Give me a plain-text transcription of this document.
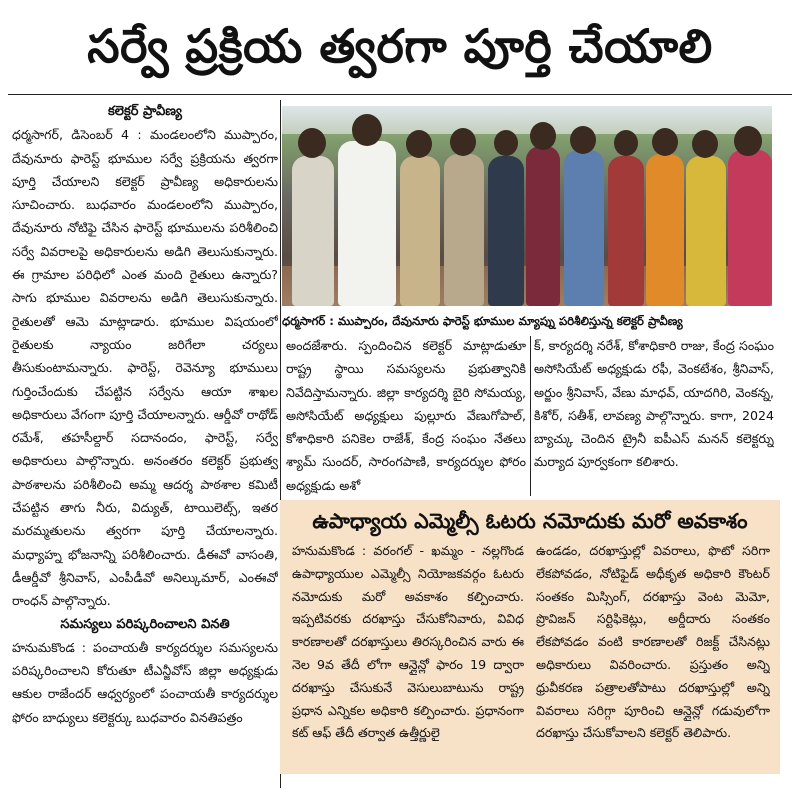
సర్వే ప్రక్రియ త్వరగా పూర్తి చేయాలి

కలెక్టర్ ప్రావీణ్య

ధర్మసాగర్, డిసెంబర్ 4 : మండలంలోని ముప్పారం, దేవునూరు ఫారెస్ట్ భూముల సర్వే ప్రక్రియను త్వరగా పూర్తి చేయాలని కలెక్టర్ ప్రావీణ్య అధికారులను సూచించారు. బుధవారం మండలంలోని ముప్పారం, దేవునూరు నోటిఫై చేసిన ఫారెస్ట్ భూములను పరిశీలించి సర్వే వివరాలపై అధికారులను అడిగి తెలుసుకున్నారు. ఈ గ్రామాల పరిధిలో ఎంత మంది రైతులు ఉన్నారు? సాగు భూముల వివరాలను అడిగి తెలుసుకున్నారు. రైతులతో ఆమె మాట్లాడారు. భూముల విషయంలో రైతులకు న్యాయం జరిగేలా చర్యలు తీసుకుంటామన్నారు. ఫారెస్ట్, రెవెన్యూ భూములు గుర్తించేందుకు చేపట్టిన సర్వేను ఆయా శాఖల అధికారులు వేగంగా పూర్తి చేయాలన్నారు. ఆర్డీవో రాథోడ్ రమేశ్, తహసీల్దార్ సదానందం, ఫారెస్ట్, సర్వే అధికారులు పాల్గొన్నారు. అనంతరం కలెక్టర్ ప్రభుత్వ పాఠశాలను పరిశీలించి అమ్మ ఆదర్శ పాఠశాల కమిటీ చేపట్టిన తాగు నీరు, విద్యుత్, టాయిలెట్స్, ఇతర మరమ్మతులను త్వరగా పూర్తి చేయాలన్నారు. మధ్యాహ్న భోజనాన్ని పరిశీలించారు. డీఈవో వాసంతి, డీఆర్డీవో శ్రీనివాస్, ఎంపీడీవో అనిల్కుమార్, ఎంఈవో రాంధన్ పాల్గొన్నారు.

సమస్యలు పరిష్కరించాలని వినతి

హనుమకొండ : పంచాయతీ కార్యదర్శుల సమస్యలను పరిష్కరించాలని కోరుతూ టీఎన్జీవోస్ జిల్లా అధ్యక్షుడు ఆకుల రాజేందర్ ఆధ్వర్యంలో పంచాయతీ కార్యదర్శుల ఫోరం బాధ్యులు కలెక్టర్కు బుధవారం వినతిపత్రం

ధర్మసాగర్ : ముప్పారం, దేవునూరు ఫారెస్ట్ భూముల మ్యాప్ను పరిశీలిస్తున్న కలెక్టర్ ప్రావీణ్య

అందజేశారు. స్పందించిన కలెక్టర్ మాట్లాడుతూ రాష్ట్ర స్థాయి సమస్యలను ప్రభుత్వానికి నివేదిస్తామన్నారు. జిల్లా కార్యదర్శి బైరి సోమయ్య, అసోసియేట్ అధ్యక్షులు పుల్లూరు వేణుగోపాల్, కోశాధికారి పనికెల రాజేశ్, కేంద్ర సంఘం నేతలు శ్యామ్ సుందర్, సారంగపాణి, కార్యదర్శుల ఫోరం అధ్యక్షుడు అశో

క్, కార్యదర్శి నరేశ్, కోశాధికారి రాజు, కేంద్ర సంఘం అసోసియేట్ అధ్యక్షుడు రఫీ, వెంకటేశం, శ్రీనివాస్, అర్జుం శ్రీనివాస్, వేణు మాధవ్, యాదగిరి, వెంకన్న, కిశోర్, సతీశ్, లావణ్య పాల్గొన్నారు. కాగా, 2024 బ్యాచ్కు చెందిన ట్రైనీ ఐపీఎస్ మనన్ కలెక్టర్ను మర్యాద పూర్వకంగా కలిశారు.

ఉపాధ్యాయ ఎమ్మెల్సీ ఓటరు నమోదుకు మరో అవకాశం

హనుమకొండ : వరంగల్ - ఖమ్మం - నల్లగొండ ఉపాధ్యాయుల ఎమ్మెల్సీ నియోజకవర్గం ఓటరు నమోదుకు మరో అవకాశం కల్పించారు. ఇప్పటివరకు దరఖాస్తు చేసుకోనివారు, వివిధ కారణాలతో దరఖాస్తులు తిరస్కరించిన వారు ఈ నెల 9వ తేదీ లోగా ఆన్లైన్లో ఫారం 19 ద్వారా దరఖాస్తు చేసుకునే వెసులుబాటును రాష్ట్ర ప్రధాన ఎన్నికల అధికారి కల్పించారు. ప్రధానంగా కట్ ఆఫ్ తేదీ తర్వాత ఉత్తీర్ణులై

ఉండడం, దరఖాస్తుల్లో వివరాలు, ఫొటో సరిగా లేకపోవడం, నోటిఫైడ్ అధీకృత అధికారి కౌంటర్ సంతకం మిస్సింగ్, దరఖాస్తు వెంట మెమో, ప్రొవిజన్ సర్టిఫికెట్లు, అర్డీదారు సంతకం లేకపోవడం వంటి కారణాలతో రిజక్ట్ చేసినట్లు అధికారులు వివరించారు. ప్రస్తుతం అన్ని ధ్రువీకరణ పత్రాలతోపాటు దరఖాస్తుల్లో అన్ని వివరాలు సరిగ్గా పూరించి ఆన్లైన్లో గడువులోగా దరఖాస్తు చేసుకోవాలని కలెక్టర్ తెలిపారు.
